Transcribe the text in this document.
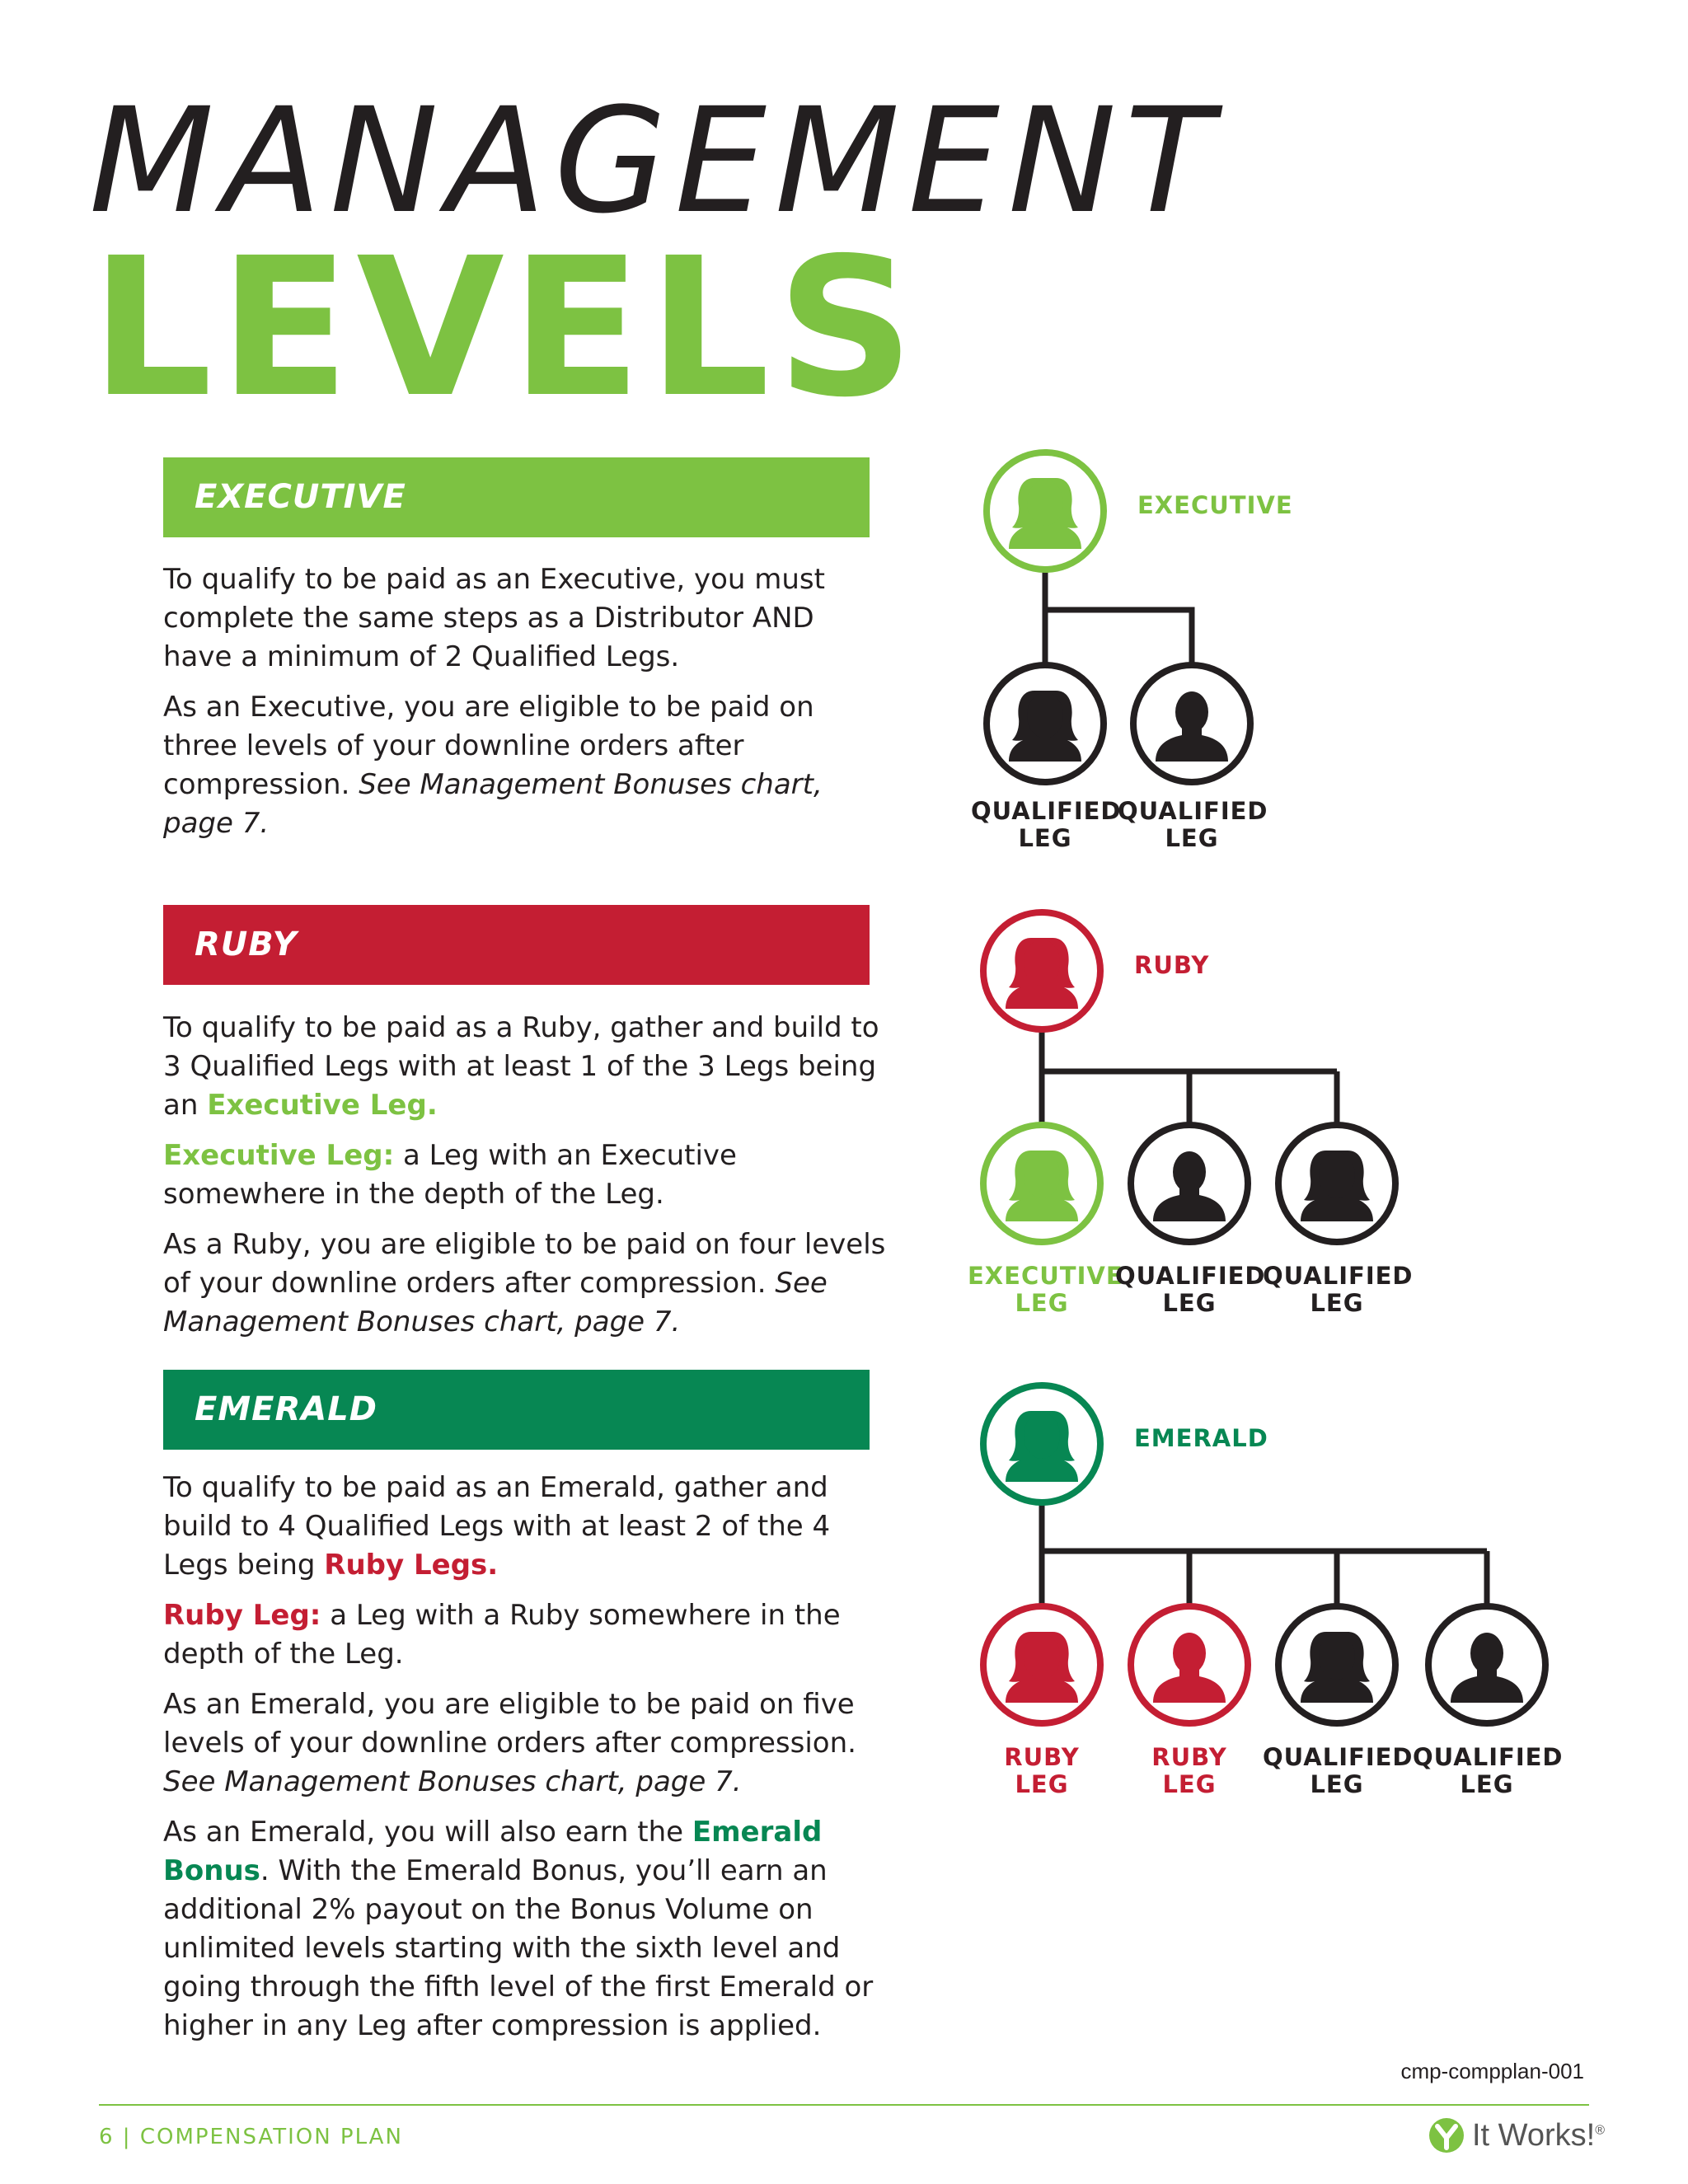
MANAGEMENT
LEVELS
EXECUTIVE

To qualify to be paid as an Executive, you must complete the same steps as a Distributor AND have a minimum of 2 Qualified Legs.

As an Executive, you are eligible to be paid on three levels of your downline orders after compression. See Management Bonuses chart, page 7.

RUBY

To qualify to be paid as a Ruby, gather and build to 3 Qualified Legs with at least 1 of the 3 Legs being an Executive Leg.

Executive Leg: a Leg with an Executive somewhere in the depth of the Leg.

As a Ruby, you are eligible to be paid on four levels of your downline orders after compression. See Management Bonuses chart, page 7.

EMERALD

To qualify to be paid as an Emerald, gather and build to 4 Qualified Legs with at least 2 of the 4 Legs being Ruby Legs.

Ruby Leg: a Leg with a Ruby somewhere in the depth of the Leg.

As an Emerald, you are eligible to be paid on five levels of your downline orders after compression. See Management Bonuses chart, page 7.

As an Emerald, you will also earn the Emerald Bonus. With the Emerald Bonus, you’ll earn an additional 2% payout on the Bonus Volume on unlimited levels starting with the sixth level and going through the fifth level of the first Emerald or higher in any Leg after compression is applied.

EXECUTIVE
QUALIFIED
LEG
QUALIFIED
LEG
RUBY
EXECUTIVE
LEG
QUALIFIED
LEG
QUALIFIED
LEG
EMERALD
RUBY
LEG
RUBY
LEG
QUALIFIED
LEG
QUALIFIED
LEG
cmp-compplan-001
6 | COMPENSATION PLAN	It Works!®
